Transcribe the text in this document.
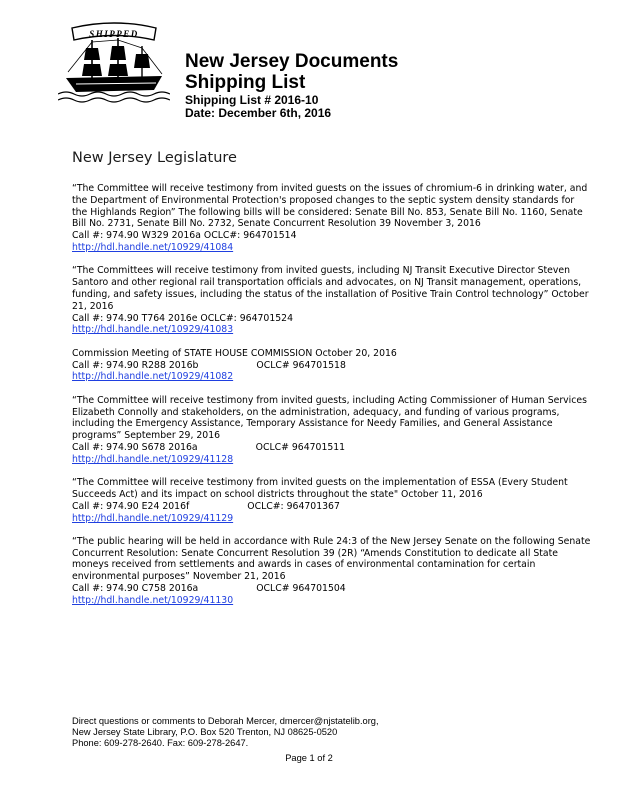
SHIPPED
New Jersey Documents
Shipping List
Shipping List # 2016-10
Date: December 6th, 2016
New Jersey Legislature
“The Committee will receive testimony from invited guests on the issues of chromium-6 in drinking water, and the Department of Environmental Protection's proposed changes to the septic system density standards for the Highlands Region” The following bills will be considered: Senate Bill No. 853, Senate Bill No. 1160, Senate Bill No. 2731, Senate Bill No. 2732, Senate Concurrent Resolution 39 November 3, 2016
Call #: 974.90 W329 2016a OCLC#: 964701514
http://hdl.handle.net/10929/41084
“The Committees will receive testimony from invited guests, including NJ Transit Executive Director Steven Santoro and other regional rail transportation officials and advocates, on NJ Transit management, operations, funding, and safety issues, including the status of the installation of Positive Train Control technology” October 21, 2016
Call #: 974.90 T764 2016e OCLC#: 964701524
http://hdl.handle.net/10929/41083
Commission Meeting of STATE HOUSE COMMISSION October 20, 2016
Call #: 974.90 R288 2016b	OCLC# 964701518
http://hdl.handle.net/10929/41082
“The Committee will receive testimony from invited guests, including Acting Commissioner of Human Services Elizabeth Connolly and stakeholders, on the administration, adequacy, and funding of various programs, including the Emergency Assistance, Temporary Assistance for Needy Families, and General Assistance programs” September 29, 2016
Call #: 974.90 S678 2016a	OCLC# 964701511
http://hdl.handle.net/10929/41128
“The Committee will receive testimony from invited guests on the implementation of ESSA (Every Student Succeeds Act) and its impact on school districts throughout the state" October 11, 2016
Call #: 974.90 E24 2016f	OCLC#: 964701367
http://hdl.handle.net/10929/41129
“The public hearing will be held in accordance with Rule 24:3 of the New Jersey Senate on the following Senate Concurrent Resolution: Senate Concurrent Resolution 39 (2R) “Amends Constitution to dedicate all State moneys received from settlements and awards in cases of environmental contamination for certain environmental purposes” November 21, 2016
Call #: 974.90 C758 2016a	OCLC# 964701504
http://hdl.handle.net/10929/41130
Direct questions or comments to Deborah Mercer, dmercer@njstatelib.org,
New Jersey State Library, P.O. Box 520 Trenton, NJ 08625-0520
Phone: 609-278-2640. Fax: 609-278-2647.
Page 1 of 2
